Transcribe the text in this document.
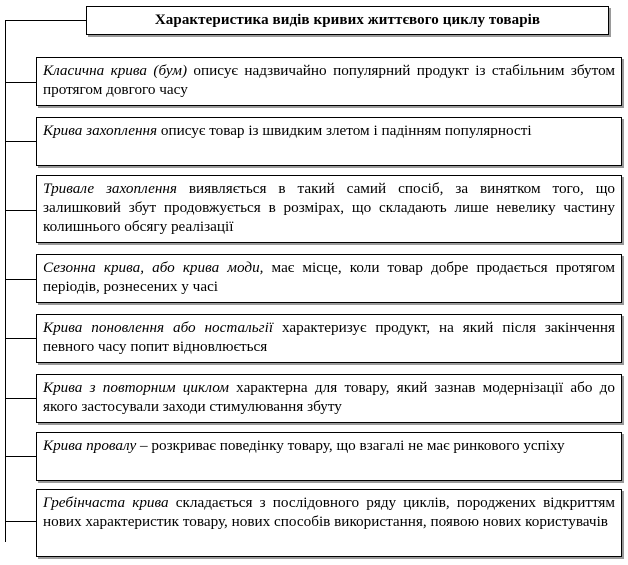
Характеристика видів кривих життєвого циклу товарів
Класична крива (бум) описує надзвичайно популярний продукт із стабільним збутом протягом довгого часу
Крива захоплення описує товар із швидким злетом і падінням популярності
Тривале захоплення виявляється в такий самий спосіб, за винятком того, що залишковий збут продовжується в розмірах, що складають лише невелику частину колишнього обсягу реалізації
Сезонна крива, або крива моди, має місце, коли товар добре продається протягом періодів, рознесених у часі
Крива поновлення або ностальгії характеризує продукт, на який після закінчення певного часу попит відновлюється
Крива з повторним циклом характерна для товару, який зазнав модернізації або до якого застосували заходи стимулювання збуту
Крива провалу – розкриває поведінку товару, що взагалі не має ринкового успіху
Гребінчаста крива складається з послідовного ряду циклів, породжених відкриттям нових характеристик товару, нових способів використання, появою нових користувачів
